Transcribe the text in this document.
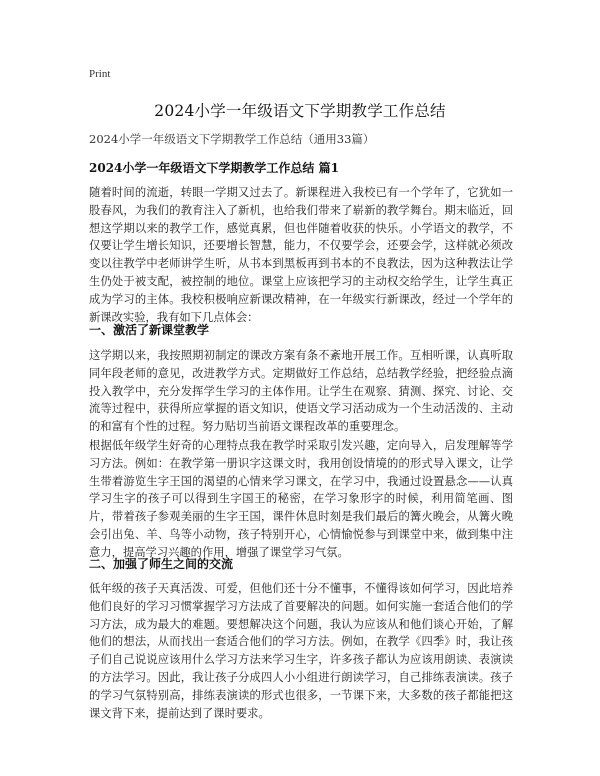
Print
2024小学一年级语文下学期教学工作总结
2024小学一年级语文下学期教学工作总结（通用33篇）
2024小学一年级语文下学期教学工作总结 篇1

随着时间的流逝，转眼一学期又过去了。新课程进入我校已有一个学年了，它犹如一股春风，为我们的教育注入了新机，也给我们带来了崭新的教学舞台。期末临近，回想这学期以来的教学工作，感觉真累，但也伴随着收获的快乐。小学语文的教学，不仅要让学生增长知识，还要增长智慧，能力，不仅要学会，还要会学，这样就必须改变以往教学中老师讲学生听，从书本到黑板再到书本的不良教法，因为这种教法让学生仍处于被支配，被控制的地位。课堂上应该把学习的主动权交给学生，让学生真正成为学习的主体。我校积极响应新课改精神，在一年级实行新课改，经过一个学年的新课改实验，我有如下几点体会：

一、激活了新课堂教学

这学期以来，我按照期初制定的课改方案有条不紊地开展工作。互相听课，认真听取同年段老师的意见，改进教学方式。定期做好工作总结，总结教学经验，把经验点滴投入教学中，充分发挥学生学习的主体作用。让学生在观察、猜测、探究、讨论、交流等过程中，获得所应掌握的语文知识，使语文学习活动成为一个生动活泼的、主动的和富有个性的过程。努力贴切当前语文课程改革的重要理念。

根据低年级学生好奇的心理特点我在教学时采取引发兴趣，定向导入，启发理解等学习方法。例如：在教学第一册识字这课文时，我用创设情境的的形式导入课文，让学生带着游览生字王国的渴望的心情来学习课文，在学习中，我通过设置悬念——认真学习生字的孩子可以得到生字国王的秘密，在学习象形字的时候，利用简笔画、图片，带着孩子参观美丽的生字王国，课件休息时刻是我们最后的篝火晚会，从篝火晚会引出兔、羊、鸟等小动物，孩子特别开心，心情愉悦参与到课堂中来，做到集中注意力，提高学习兴趣的作用，增强了课堂学习气氛。

二、加强了师生之间的交流

低年级的孩子天真活泼、可爱，但他们还十分不懂事，不懂得该如何学习，因此培养他们良好的学习习惯掌握学习方法成了首要解决的问题。如何实施一套适合他们的学习方法，成为最大的难题。要想解决这个问题，我认为应该从和他们谈心开始，了解他们的想法，从而找出一套适合他们的学习方法。例如，在教学《四季》时，我让孩子们自己说说应该用什么学习方法来学习生字，许多孩子都认为应该用朗读、表演读的方法学习。因此，我让孩子分成四人小小组进行朗读学习，自己排练表演读。孩子的学习气氛特别高，排练表演读的形式也很多，一节课下来，大多数的孩子都能把这课文背下来，提前达到了课时要求。
